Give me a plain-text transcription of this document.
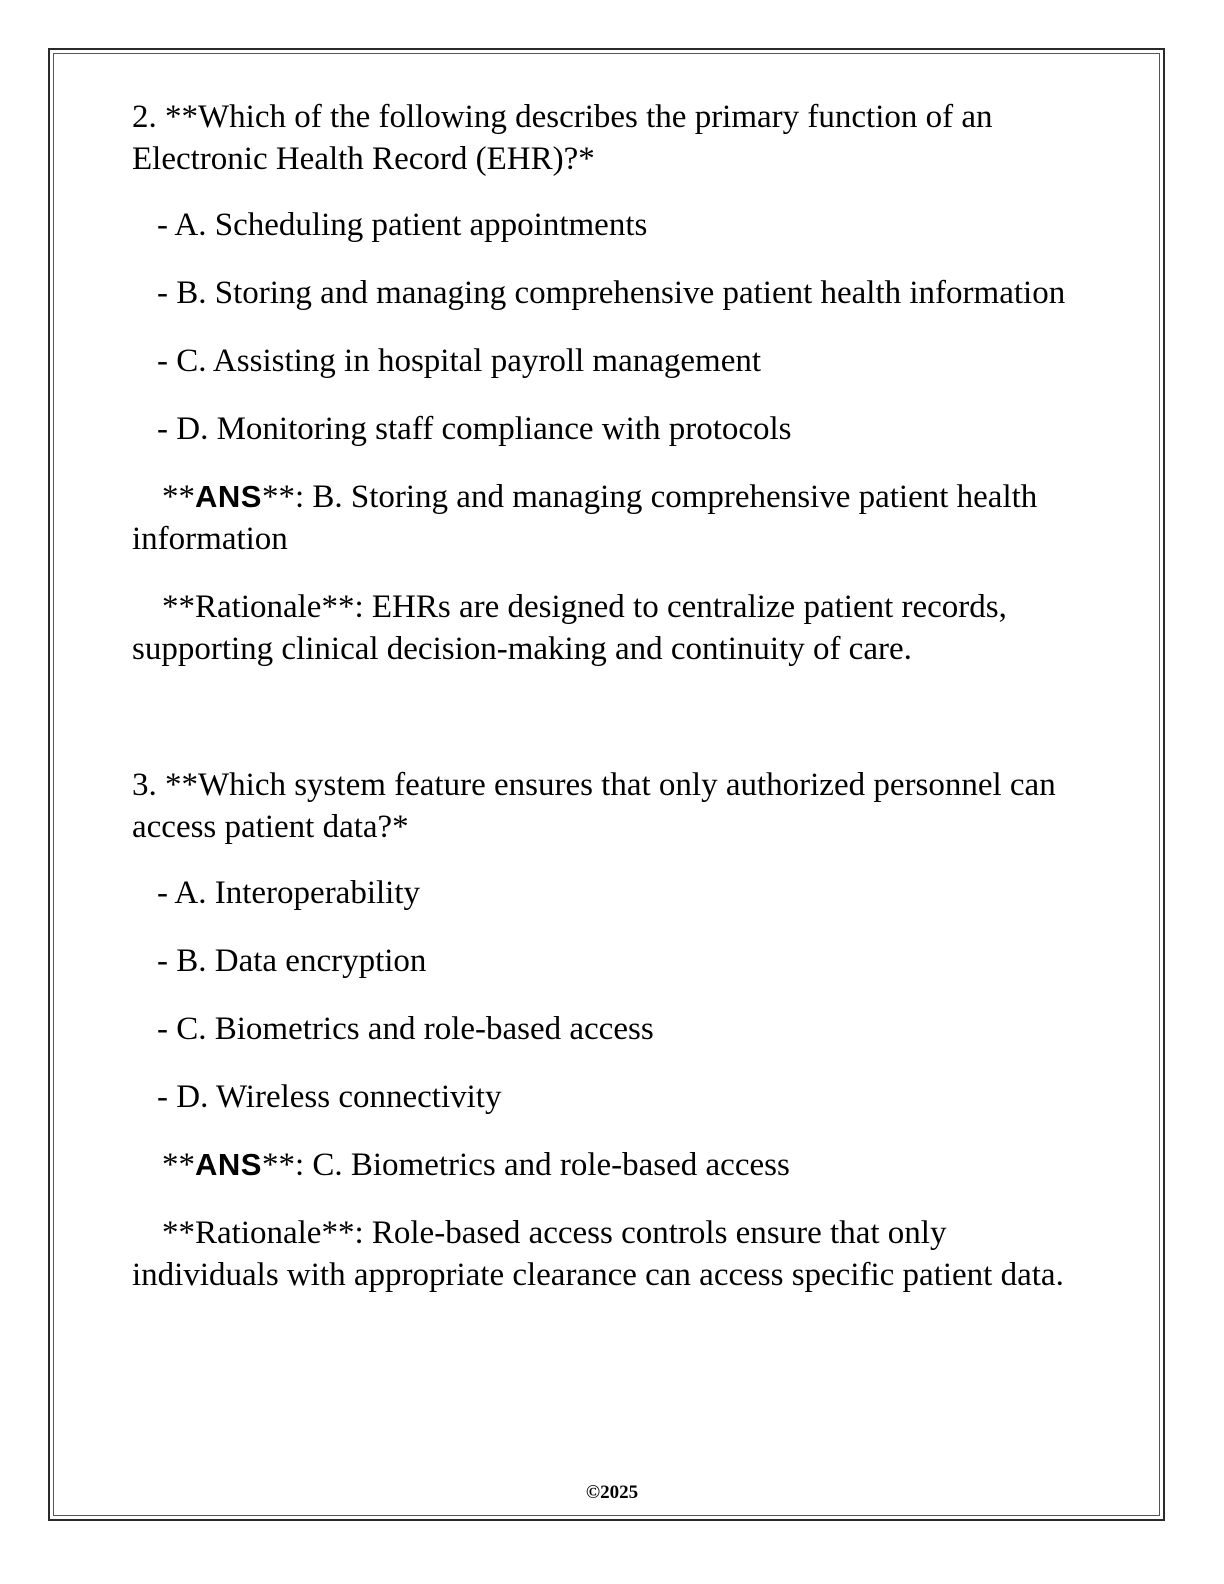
2. **Which of the following describes the primary function of an Electronic Health Record (EHR)?*

- A. Scheduling patient appointments

- B. Storing and managing comprehensive patient health information

- C. Assisting in hospital payroll management

- D. Monitoring staff compliance with protocols

**ANS**: B. Storing and managing comprehensive patient health information

**Rationale**: EHRs are designed to centralize patient records, supporting clinical decision-making and continuity of care.

3. **Which system feature ensures that only authorized personnel can access patient data?*

- A. Interoperability

- B. Data encryption

- C. Biometrics and role-based access

- D. Wireless connectivity

**ANS**: C. Biometrics and role-based access

**Rationale**: Role-based access controls ensure that only individuals with appropriate clearance can access specific patient data.

©2025
